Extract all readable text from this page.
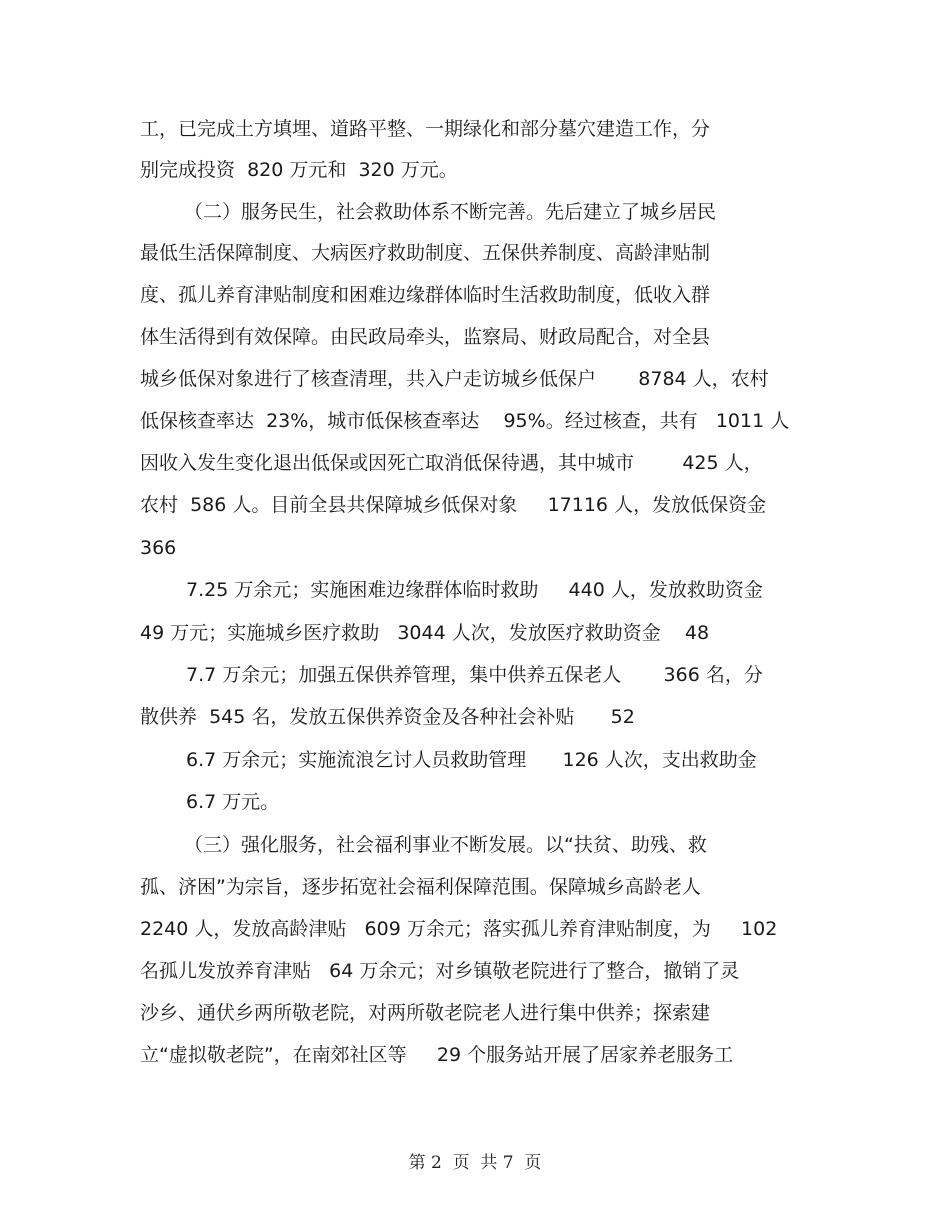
工，已完成土方填埋、道路平整、一期绿化和部分墓穴建造工作，分
别完成投资  820 万元和  320 万元。
（二）服务民生，社会救助体系不断完善。先后建立了城乡居民
最低生活保障制度、大病医疗救助制度、五保供养制度、高龄津贴制
度、孤儿养育津贴制度和困难边缘群体临时生活救助制度，低收入群
体生活得到有效保障。由民政局牵头，监察局、财政局配合，对全县
城乡低保对象进行了核查清理，共入户走访城乡低保户       8784 人，农村
低保核查率达  23%，城市低保核查率达    95%。经过核查，共有   1011 人
因收入发生变化退出低保或因死亡取消低保待遇，其中城市        425 人，
农村  586 人。目前全县共保障城乡低保对象     17116 人，发放低保资金
366
7.25 万余元；实施困难边缘群体临时救助     440 人，发放救助资金
49 万元；实施城乡医疗救助   3044 人次，发放医疗救助资金    48
7.7 万余元；加强五保供养管理，集中供养五保老人       366 名，分
散供养  545 名，发放五保供养资金及各种社会补贴      52
6.7 万余元；实施流浪乞讨人员救助管理      126 人次，支出救助金
6.7 万元。
（三）强化服务，社会福利事业不断发展。以“扶贫、助残、救
孤、济困”为宗旨，逐步拓宽社会福利保障范围。保障城乡高龄老人
2240 人，发放高龄津贴   609 万余元；落实孤儿养育津贴制度，为     102
名孤儿发放养育津贴   64 万余元；对乡镇敬老院进行了整合，撤销了灵
沙乡、通伏乡两所敬老院，对两所敬老院老人进行集中供养；探索建
立“虚拟敬老院”，在南郊社区等     29 个服务站开展了居家养老服务工
第 2  页  共 7  页
